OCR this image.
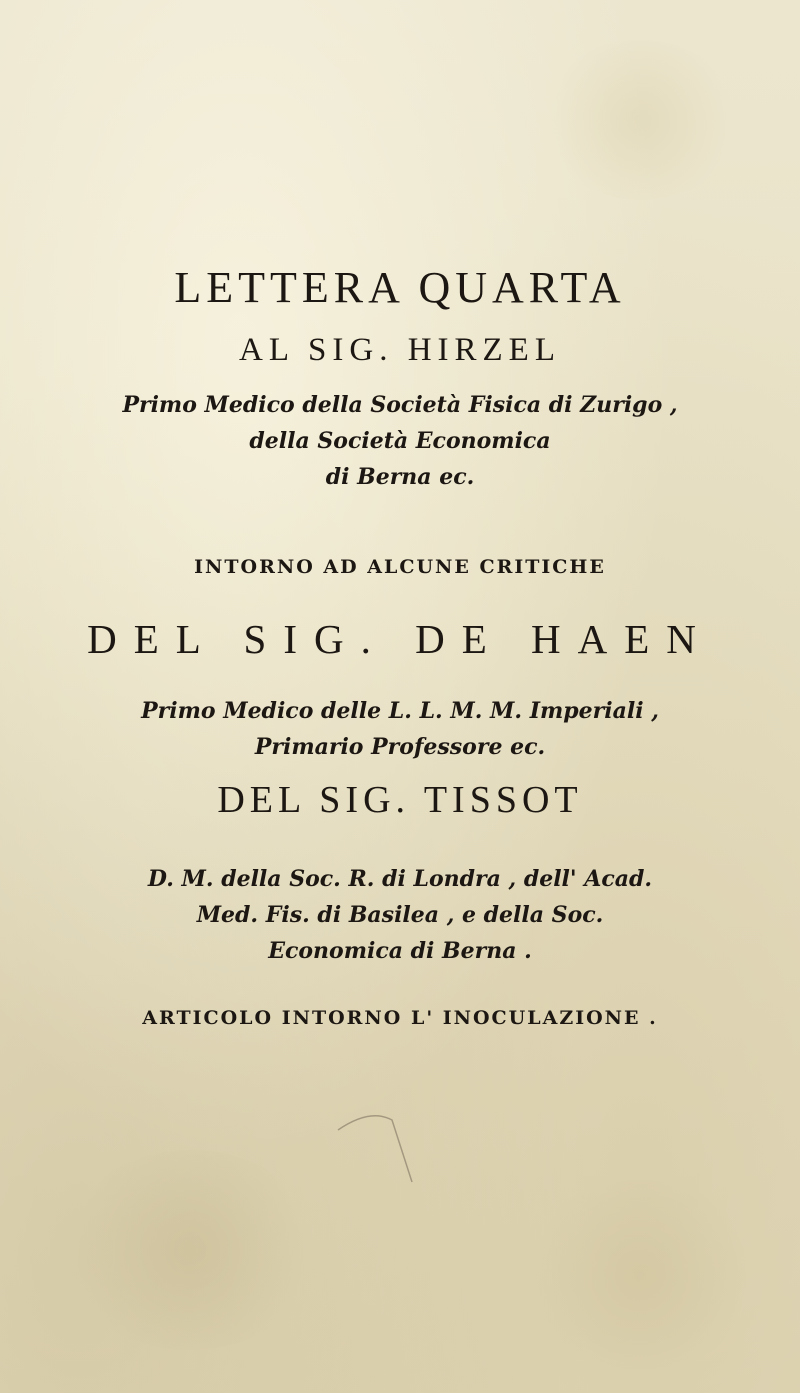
LETTERA QUARTA
AL SIG. HIRZEL

Primo Medico della Società Fisica di Zurigo ,

della Società Economica

di Berna ec.

INTORNO AD ALCUNE CRITICHE

DEL SIG. DE HAEN

Primo Medico delle L. L. M. M. Imperiali ,

Primario Professore ec.

DEL SIG. TISSOT

D. M. della Soc. R. di Londra , dell' Acad.

Med. Fis. di Basilea , e della Soc.

Economica di Berna .

ARTICOLO INTORNO L' INOCULAZIONE .
